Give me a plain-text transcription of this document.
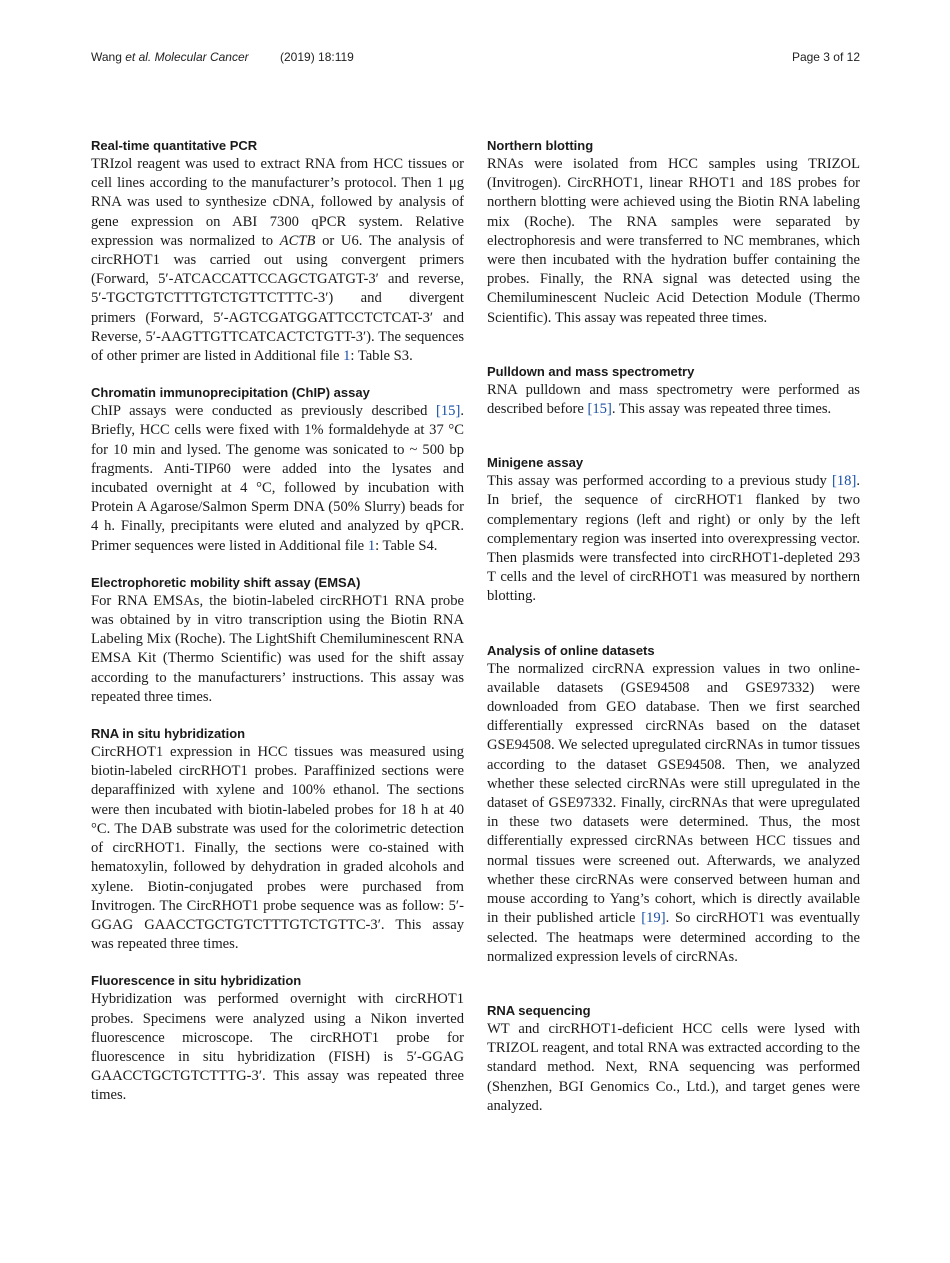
Wang et al. Molecular Cancer	(2019) 18:119	Page 3 of 12

Real-time quantitative PCR

TRIzol reagent was used to extract RNA from HCC tissues or cell lines according to the manufacturer’s protocol. Then 1 μg RNA was used to synthesize cDNA, followed by analysis of gene expression on ABI 7300 qPCR system. Relative expression was normalized to ACTB or U6. The analysis of circRHOT1 was carried out using convergent primers (Forward, 5′-ATCACCATTCCAGCTGATGT-3′ and reverse, 5′-TGCTGTCTTTGTCTGTTCTTTC-3′) and divergent primers (Forward, 5′-AGTCGATGGATTCCTCTCAT-3′ and Reverse, 5′-AAGTTGTTCATCACTCTGTT-3′). The sequences of other primer are listed in Additional file 1: Table S3.

Chromatin immunoprecipitation (ChIP) assay

ChIP assays were conducted as previously described [15]. Briefly, HCC cells were fixed with 1% formaldehyde at 37 °C for 10 min and lysed. The genome was sonicated to ~ 500 bp fragments. Anti-TIP60 were added into the lysates and incubated overnight at 4 °C, followed by incubation with Protein A Agarose/Salmon Sperm DNA (50% Slurry) beads for 4 h. Finally, precipitants were eluted and analyzed by qPCR. Primer sequences were listed in Additional file 1: Table S4.

Electrophoretic mobility shift assay (EMSA)

For RNA EMSAs, the biotin-labeled circRHOT1 RNA probe was obtained by in vitro transcription using the Biotin RNA Labeling Mix (Roche). The LightShift Chemiluminescent RNA EMSA Kit (Thermo Scientific) was used for the shift assay according to the manufacturers’ instructions. This assay was repeated three times.

RNA in situ hybridization

CircRHOT1 expression in HCC tissues was measured using biotin-labeled circRHOT1 probes. Paraffinized sections were deparaffinized with xylene and 100% ethanol. The sections were then incubated with biotin-labeled probes for 18 h at 40 °C. The DAB substrate was used for the colorimetric detection of circRHOT1. Finally, the sections were co-stained with hematoxylin, followed by dehydration in graded alcohols and xylene. Biotin-conjugated probes were purchased from Invitrogen. The CircRHOT1 probe sequence was as follow: 5′-GGAG GAACCTGCTGTCTTTGTCTGTTC-3′. This assay was repeated three times.

Fluorescence in situ hybridization

Hybridization was performed overnight with circRHOT1 probes. Specimens were analyzed using a Nikon inverted fluorescence microscope. The circRHOT1 probe for fluorescence in situ hybridization (FISH) is 5′-GGAG GAACCTGCTGTCTTTG-3′. This assay was repeated three times.

Northern blotting

RNAs were isolated from HCC samples using TRIZOL (Invitrogen). CircRHOT1, linear RHOT1 and 18S probes for northern blotting were achieved using the Biotin RNA labeling mix (Roche). The RNA samples were separated by electrophoresis and were transferred to NC membranes, which were then incubated with the hydration buffer containing the probes. Finally, the RNA signal was detected using the Chemiluminescent Nucleic Acid Detection Module (Thermo Scientific). This assay was repeated three times.

Pulldown and mass spectrometry

RNA pulldown and mass spectrometry were performed as described before [15]. This assay was repeated three times.

Minigene assay

This assay was performed according to a previous study [18]. In brief, the sequence of circRHOT1 flanked by two complementary regions (left and right) or only by the left complementary region was inserted into overexpressing vector. Then plasmids were transfected into circRHOT1-depleted 293 T cells and the level of circRHOT1 was measured by northern blotting.

Analysis of online datasets

The normalized circRNA expression values in two online-available datasets (GSE94508 and GSE97332) were downloaded from GEO database. Then we first searched differentially expressed circRNAs based on the dataset GSE94508. We selected upregulated circRNAs in tumor tissues according to the dataset GSE94508. Then, we analyzed whether these selected circRNAs were still upregulated in the dataset of GSE97332. Finally, circRNAs that were upregulated in these two datasets were determined. Thus, the most differentially expressed circRNAs between HCC tissues and normal tissues were screened out. Afterwards, we analyzed whether these circRNAs were conserved between human and mouse according to Yang’s cohort, which is directly available in their published article [19]. So circRHOT1 was eventually selected. The heatmaps were determined according to the normalized expression levels of circRNAs.

RNA sequencing

WT and circRHOT1-deficient HCC cells were lysed with TRIZOL reagent, and total RNA was extracted according to the standard method. Next, RNA sequencing was performed (Shenzhen, BGI Genomics Co., Ltd.), and target genes were analyzed.
